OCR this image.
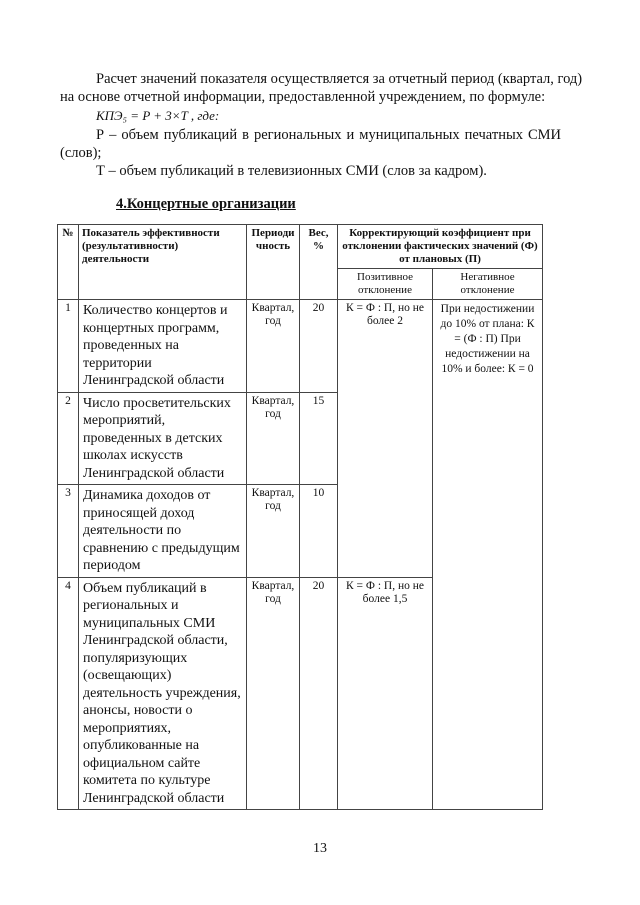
Расчет значений показателя осуществляется за отчетный период (квартал, год)
на основе отчетной информации, предоставленной учреждением, по формуле:
КПЭ₅ = P + 3×T , где:
Р – объем публикаций в региональных и муниципальных печатных СМИ
(слов);
Т – объем публикаций в телевизионных СМИ (слов за кадром).
4.Концертные организации
№	Показатель эффективности (результативности) деятельности	Периоди чность	Вес, %	Корректирующий коэффициент при отклонении фактических значений (Ф) от плановых (П)	
				Позитивное отклонение	Негативное отклонение
1	Количество концертов и концертных программ, проведенных на территории Ленинградской области	Квартал, год	20	К = Ф : П, но не более 2	При недостижении до 10% от плана: К = (Ф : П) При недостижении на 10% и более: К = 0
2	Число просветительских мероприятий, проведенных в детских школах искусств Ленинградской области	Квартал, год	15		
3	Динамика доходов от приносящей доход деятельности по сравнению с предыдущим периодом	Квартал, год	10		
4	Объем публикаций в региональных и муниципальных СМИ Ленинградской области, популяризующих (освещающих) деятельность учреждения, анонсы, новости о мероприятиях, опубликованные на официальном сайте комитета по культуре Ленинградской области	Квартал, год	20	К = Ф : П, но не более 1,5	
13
